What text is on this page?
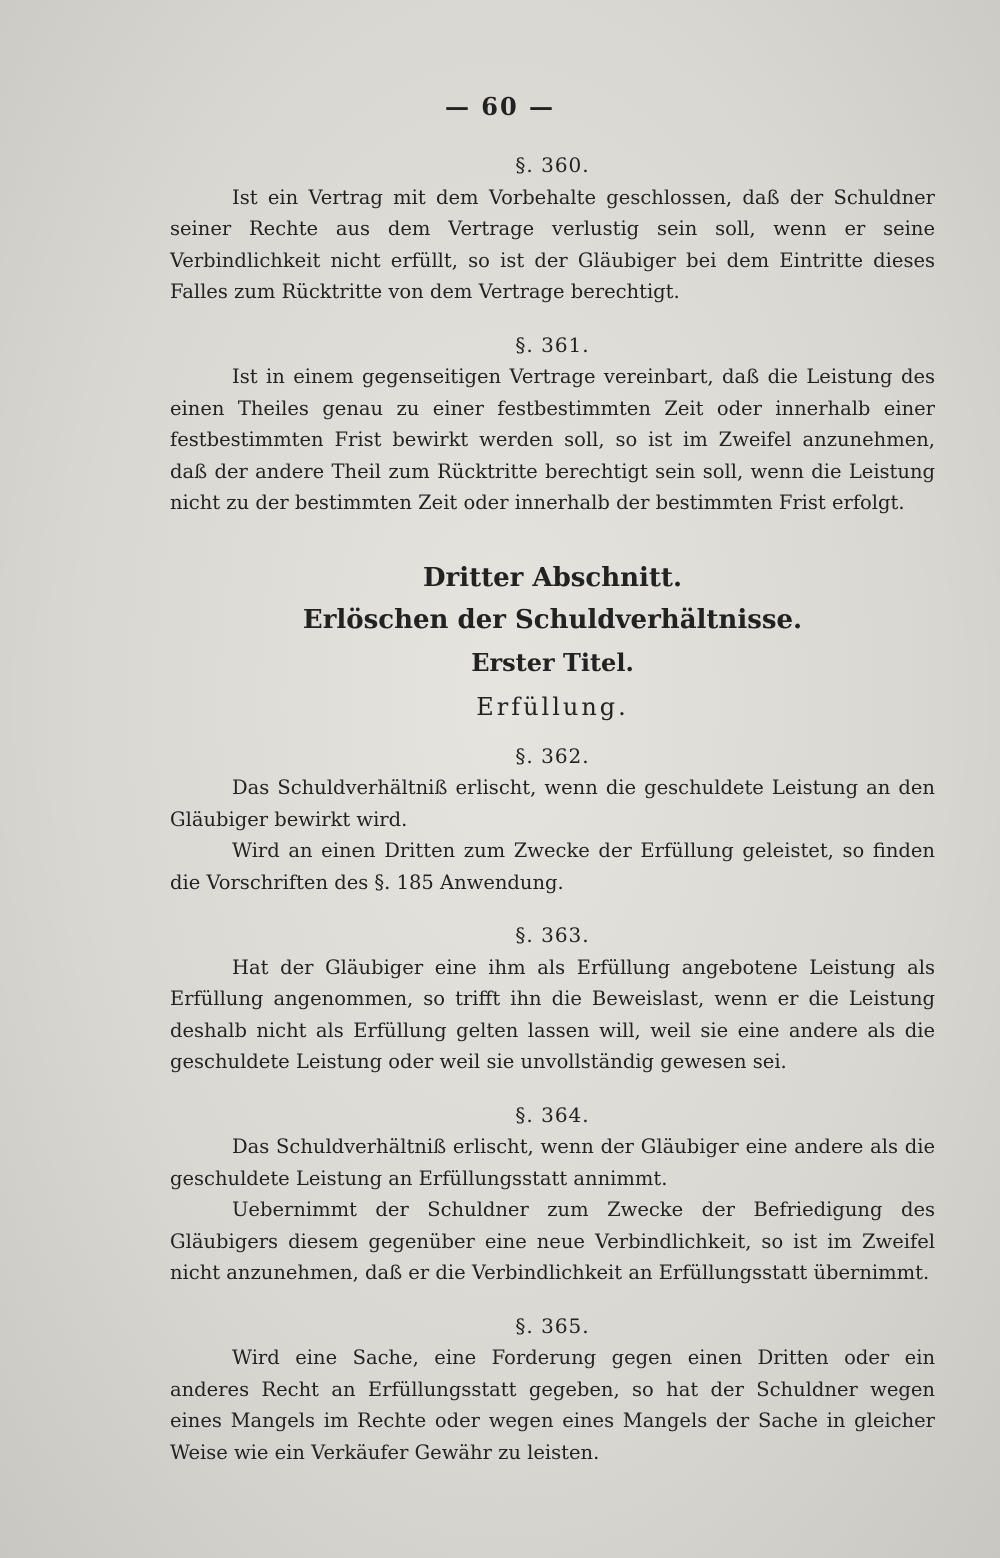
— 60 —

§. 360.

Ist ein Vertrag mit dem Vorbehalte geschlossen, daß der Schuldner seiner Rechte aus dem Vertrage verlustig sein soll, wenn er seine Verbindlichkeit nicht erfüllt, so ist der Gläubiger bei dem Eintritte dieses Falles zum Rücktritte von dem Vertrage berechtigt.

§. 361.

Ist in einem gegenseitigen Vertrage vereinbart, daß die Leistung des einen Theiles genau zu einer festbestimmten Zeit oder innerhalb einer festbestimmten Frist bewirkt werden soll, so ist im Zweifel anzunehmen, daß der andere Theil zum Rücktritte berechtigt sein soll, wenn die Leistung nicht zu der bestimmten Zeit oder innerhalb der bestimmten Frist erfolgt.

Dritter Abschnitt.

Erlöschen der Schuldverhältnisse.

Erster Titel.

Erfüllung.

§. 362.

Das Schuldverhältniß erlischt, wenn die geschuldete Leistung an den Gläubiger bewirkt wird.

Wird an einen Dritten zum Zwecke der Erfüllung geleistet, so finden die Vorschriften des §. 185 Anwendung.

§. 363.

Hat der Gläubiger eine ihm als Erfüllung angebotene Leistung als Erfüllung angenommen, so trifft ihn die Beweislast, wenn er die Leistung deshalb nicht als Erfüllung gelten lassen will, weil sie eine andere als die geschuldete Leistung oder weil sie unvollständig gewesen sei.

§. 364.

Das Schuldverhältniß erlischt, wenn der Gläubiger eine andere als die geschuldete Leistung an Erfüllungsstatt annimmt.

Uebernimmt der Schuldner zum Zwecke der Befriedigung des Gläubigers diesem gegenüber eine neue Verbindlichkeit, so ist im Zweifel nicht anzunehmen, daß er die Verbindlichkeit an Erfüllungsstatt übernimmt.

§. 365.

Wird eine Sache, eine Forderung gegen einen Dritten oder ein anderes Recht an Erfüllungsstatt gegeben, so hat der Schuldner wegen eines Mangels im Rechte oder wegen eines Mangels der Sache in gleicher Weise wie ein Verkäufer Gewähr zu leisten.
